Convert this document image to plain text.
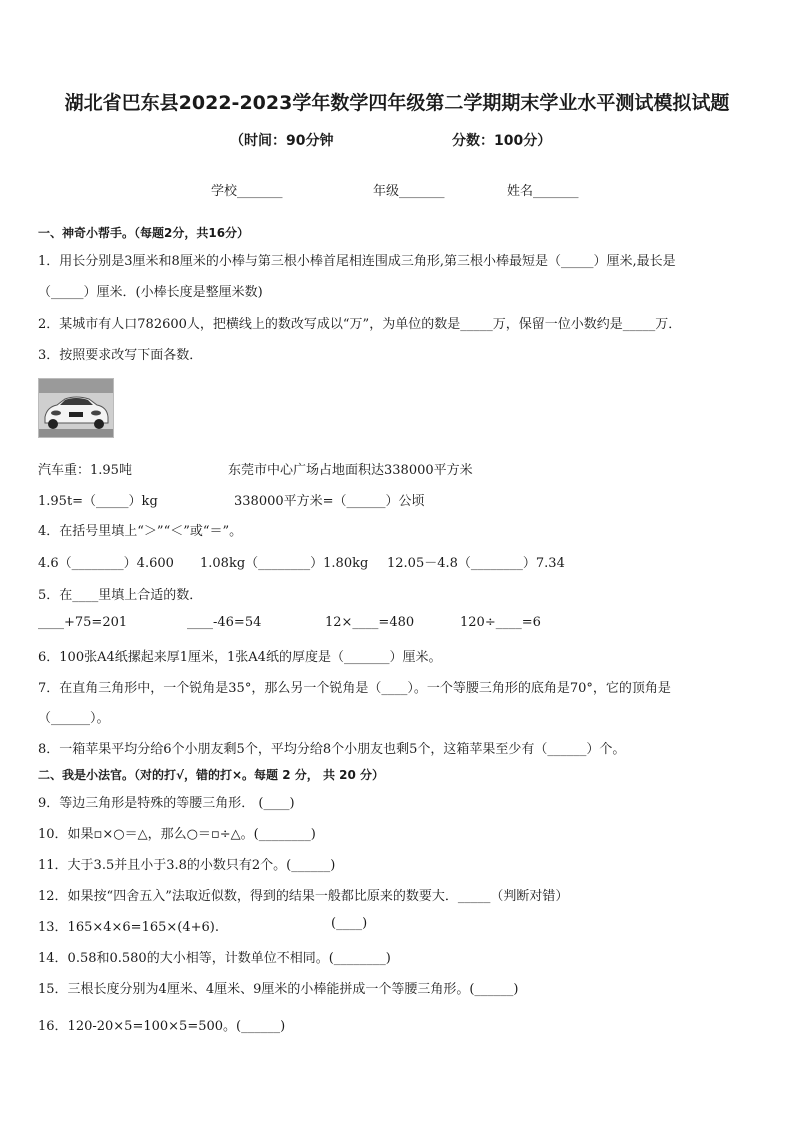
湖北省巴东县2022-2023学年数学四年级第二学期期末学业水平测试模拟试题
（时间：90分钟	分数：100分）
学校_______	年级_______	姓名_______
一、神奇小帮手。（每题2分，共16分）
1．用长分别是3厘米和8厘米的小棒与第三根小棒首尾相连围成三角形,第三根小棒最短是（_____）厘米,最长是
（_____）厘米．(小棒长度是整厘米数)
2．某城市有人口782600人，把横线上的数改写成以“万”，为单位的数是_____万，保留一位小数约是_____万．
3．按照要求改写下面各数．
汽车重：1.95吨	东莞市中心广场占地面积达338000平方米
1.95t=（_____）kg	338000平方米=（______）公顷
4．在括号里填上“＞”“＜”或“＝”。
4.6（________）4.600 1.08kg（________）1.80kg 12.05－4.8（________）7.34
5．在____里填上合适的数．
____+75=201	____-46=54	12×____=480	120÷____=6
6．100张A4纸摞起来厚1厘米，1张A4纸的厚度是（_______）厘米。
7．在直角三角形中，一个锐角是35°，那么另一个锐角是（____）。一个等腰三角形的底角是70°，它的顶角是
（______）。
8．一箱苹果平均分给6个小朋友剩5个，平均分给8个小朋友也剩5个，这箱苹果至少有（______）个。
二、我是小法官。（对的打√，错的打×。每题 2 分， 共 20 分）
9．等边三角形是特殊的等腰三角形． (____)
10．如果▫×○＝△，那么○＝▫÷△。(________)
11．大于3.5并且小于3.8的小数只有2个。(______)
12．如果按“四舍五入”法取近似数，得到的结果一般都比原来的数要大．_____（判断对错）
13．165×4×6=165×(4+6).	(____)
14．0.58和0.580的大小相等，计数单位不相同。(________)
15．三根长度分别为4厘米、4厘米、9厘米的小棒能拼成一个等腰三角形。(______)
16．120-20×5=100×5=500。(______)
